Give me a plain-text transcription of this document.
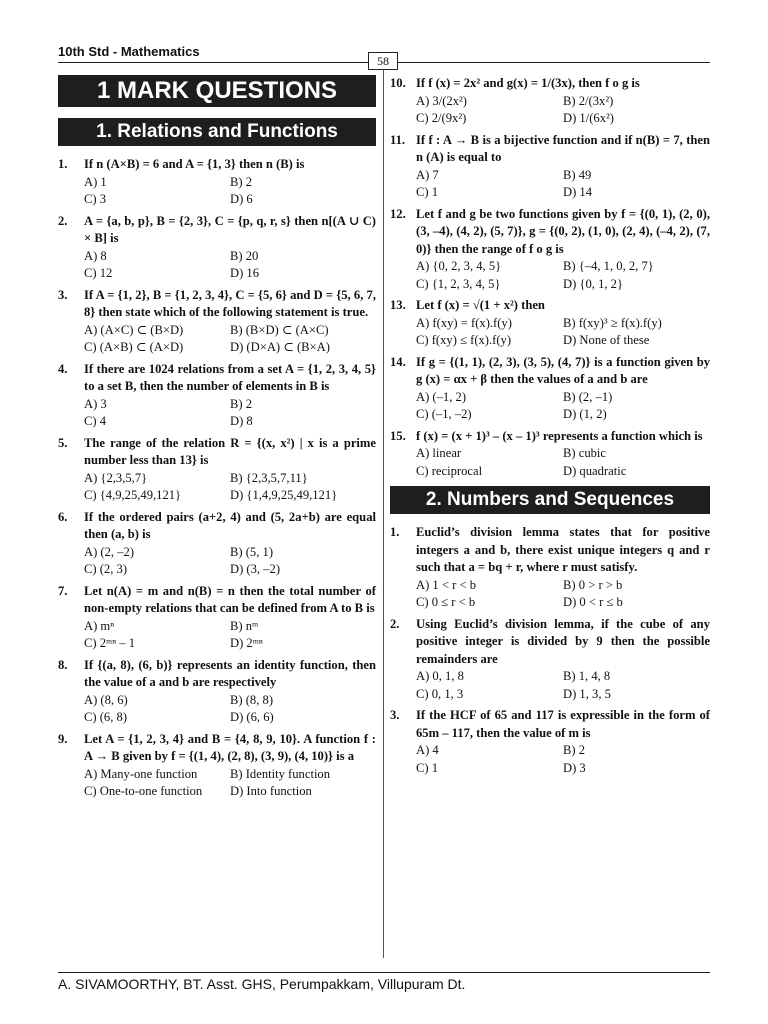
10th Std - Mathematics
58
1 MARK QUESTIONS
1. Relations and Functions
1.	If n (A×B) = 6 and A = {1, 3} then n (B) is
A) 1	B) 2
C) 3	D) 6
2.	A = {a, b, p}, B = {2, 3}, C = {p, q, r, s} then n[(A ∪ C) × B] is
A) 8	B) 20
C) 12	D) 16
3.	If A = {1, 2}, B = {1, 2, 3, 4}, C = {5, 6} and D = {5, 6, 7, 8} then state which of the following statement is true.
A) (A×C) ⊂ (B×D)	B) (B×D) ⊂ (A×C)
C) (A×B) ⊂ (A×D)	D) (D×A) ⊂ (B×A)
4.	If there are 1024 relations from a set A = {1, 2, 3, 4, 5} to a set B, then the number of elements in B is
A) 3	B) 2
C) 4	D) 8
5.	The range of the relation R = {(x, x²) | x is a prime number less than 13} is
A) {2,3,5,7}	B) {2,3,5,7,11}
C) {4,9,25,49,121}	D) {1,4,9,25,49,121}
6.	If the ordered pairs (a+2, 4) and (5, 2a+b) are equal then (a, b) is
A) (2, –2)	B) (5, 1)
C) (2, 3)	D) (3, –2)
7.	Let n(A) = m and n(B) = n then the total number of non-empty relations that can be defined from A to B is
A) mⁿ	B) nᵐ
C) 2ᵐⁿ – 1	D) 2ᵐⁿ
8.	If {(a, 8), (6, b)} represents an identity function, then the value of a and b are respectively
A) (8, 6)	B) (8, 8)
C) (6, 8)	D) (6, 6)
9.	Let A = {1, 2, 3, 4} and B = {4, 8, 9, 10}. A function f : A → B given by f = {(1, 4), (2, 8), (3, 9), (4, 10)} is a
A) Many-one function	B) Identity function
C) One-to-one function	D) Into function
10. If f (x) = 2x² and g(x) = 1/(3x), then f o g is
A) 3/(2x²)	B) 2/(3x²)
C) 2/(9x²)	D) 1/(6x²)
11. If f : A → B is a bijective function and if n(B) = 7, then n (A) is equal to
A) 7	B) 49
C) 1	D) 14
12. Let f and g be two functions given by f = {(0, 1), (2, 0), (3, –4), (4, 2), (5, 7)}, g = {(0, 2), (1, 0), (2, 4), (–4, 2), (7, 0)} then the range of f o g is
A) {0, 2, 3, 4, 5}	B) {–4, 1, 0, 2, 7}
C) {1, 2, 3, 4, 5}	D) {0, 1, 2}
13. Let f (x) = √(1 + x²) then
A) f(xy) = f(x).f(y)	B) f(xy)³ ≥ f(x).f(y)
C) f(xy) ≤ f(x).f(y)	D) None of these
14. If g = {(1, 1), (2, 3), (3, 5), (4, 7)} is a function given by g (x) = αx + β then the values of a and b are
A) (–1, 2)	B) (2, –1)
C) (–1, –2)	D) (1, 2)
15. f (x) = (x + 1)³ – (x – 1)³ represents a function which is
A) linear	B) cubic
C) reciprocal	D) quadratic
2. Numbers and Sequences
1.	Euclid’s division lemma states that for positive integers a and b, there exist unique integers q and r such that a = bq + r, where r must satisfy.
A) 1 < r < b	B) 0 > r > b
C) 0 ≤ r < b	D) 0 < r ≤ b
2.	Using Euclid’s division lemma, if the cube of any positive integer is divided by 9 then the possible remainders are
A) 0, 1, 8	B) 1, 4, 8
C) 0, 1, 3	D) 1, 3, 5
3.	If the HCF of 65 and 117 is expressible in the form of 65m – 117, then the value of m is
A) 4	B) 2
C) 1	D) 3
A. SIVAMOORTHY, BT. Asst. GHS, Perumpakkam, Villupuram Dt.
